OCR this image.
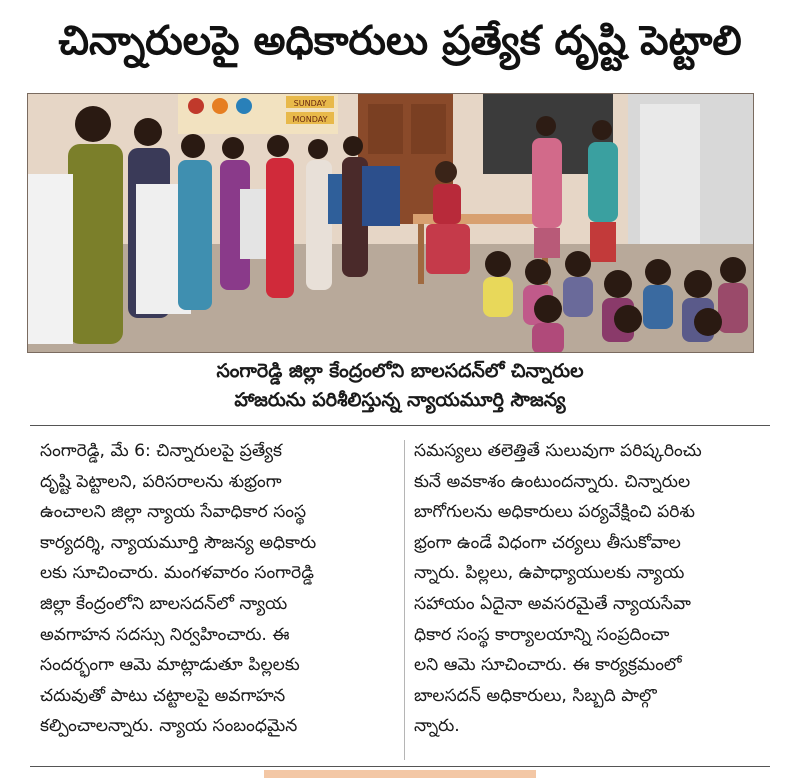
చిన్నారులపై అధికారులు ప్రత్యేక దృష్టి పెట్టాలి
SUNDAY
MONDAY
సంగారెడ్డి జిల్లా కేంద్రంలోని బాలసదన్‌లో చిన్నారుల
హాజరును పరిశీలిస్తున్న న్యాయమూర్తి సౌజన్య
సంగారెడ్డి, మే 6: చిన్నారులపై ప్రత్యేక
దృష్టి పెట్టాలని, పరిసరాలను శుభ్రంగా
ఉంచాలని జిల్లా న్యాయ సేవాధికార సంస్థ
కార్యదర్శి, న్యాయమూర్తి సౌజన్య అధికారు
లకు సూచించారు. మంగళవారం సంగారెడ్డి
జిల్లా కేంద్రంలోని బాలసదన్‌లో న్యాయ
అవగాహన సదస్సు నిర్వహించారు. ఈ
సందర్భంగా ఆమె మాట్లాడుతూ పిల్లలకు
చదువుతో పాటు చట్టాలపై అవగాహన
కల్పించాలన్నారు. న్యాయ సంబంధమైన
సమస్యలు తలెత్తితే సులువుగా పరిష్కరించు
కునే అవకాశం ఉంటుందన్నారు. చిన్నారుల
బాగోగులను అధికారులు పర్యవేక్షించి పరిశు
భ్రంగా ఉండే విధంగా చర్యలు తీసుకోవాల
న్నారు. పిల్లలు, ఉపాధ్యాయులకు న్యాయ
సహాయం ఏదైనా అవసరమైతే న్యాయసేవా
ధికార సంస్థ కార్యాలయాన్ని సంప్రదించా
లని ఆమె సూచించారు. ఈ కార్యక్రమంలో
బాలసదన్ అధికారులు, సిబ్బది పాల్గొ
న్నారు.
